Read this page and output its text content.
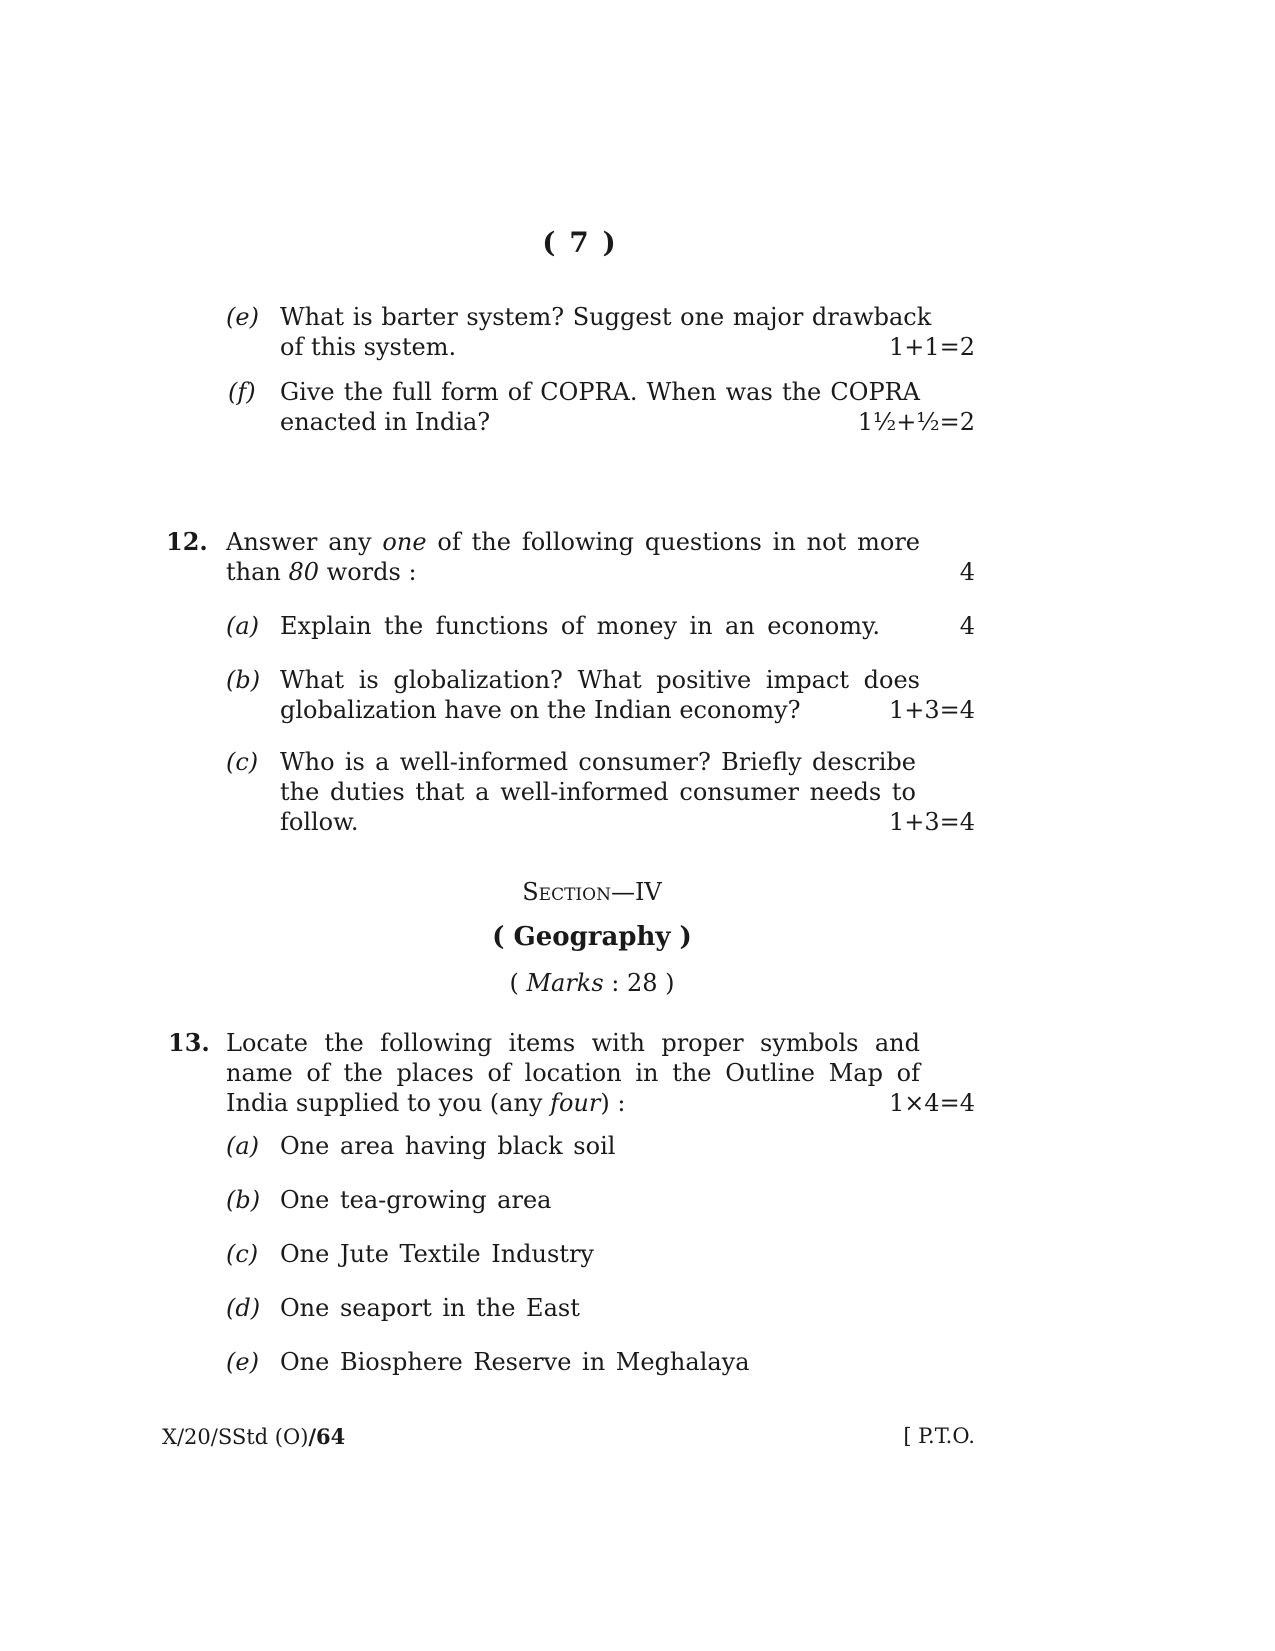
( 7 )
(e) What is barter system? Suggest one major drawback
of this system.	1+1=2
(f) Give the full form of COPRA. When was the COPRA
enacted in India?	1½+½=2
12. Answer any one of the following questions in not more
than 80 words :	4
(a) Explain the functions of money in an economy.	4
(b) What is globalization? What positive impact does
globalization have on the Indian economy?	1+3=4
(c) Who is a well-informed consumer? Briefly describe
the duties that a well-informed consumer needs to
follow.	1+3=4
Section—IV
( Geography )
( Marks : 28 )
13. Locate the following items with proper symbols and
name of the places of location in the Outline Map of
India supplied to you (any four) :	1×4=4
(a) One area having black soil
(b) One tea-growing area
(c) One Jute Textile Industry
(d) One seaport in the East
(e) One Biosphere Reserve in Meghalaya
X/20/SStd (O)/64	[ P.T.O.
